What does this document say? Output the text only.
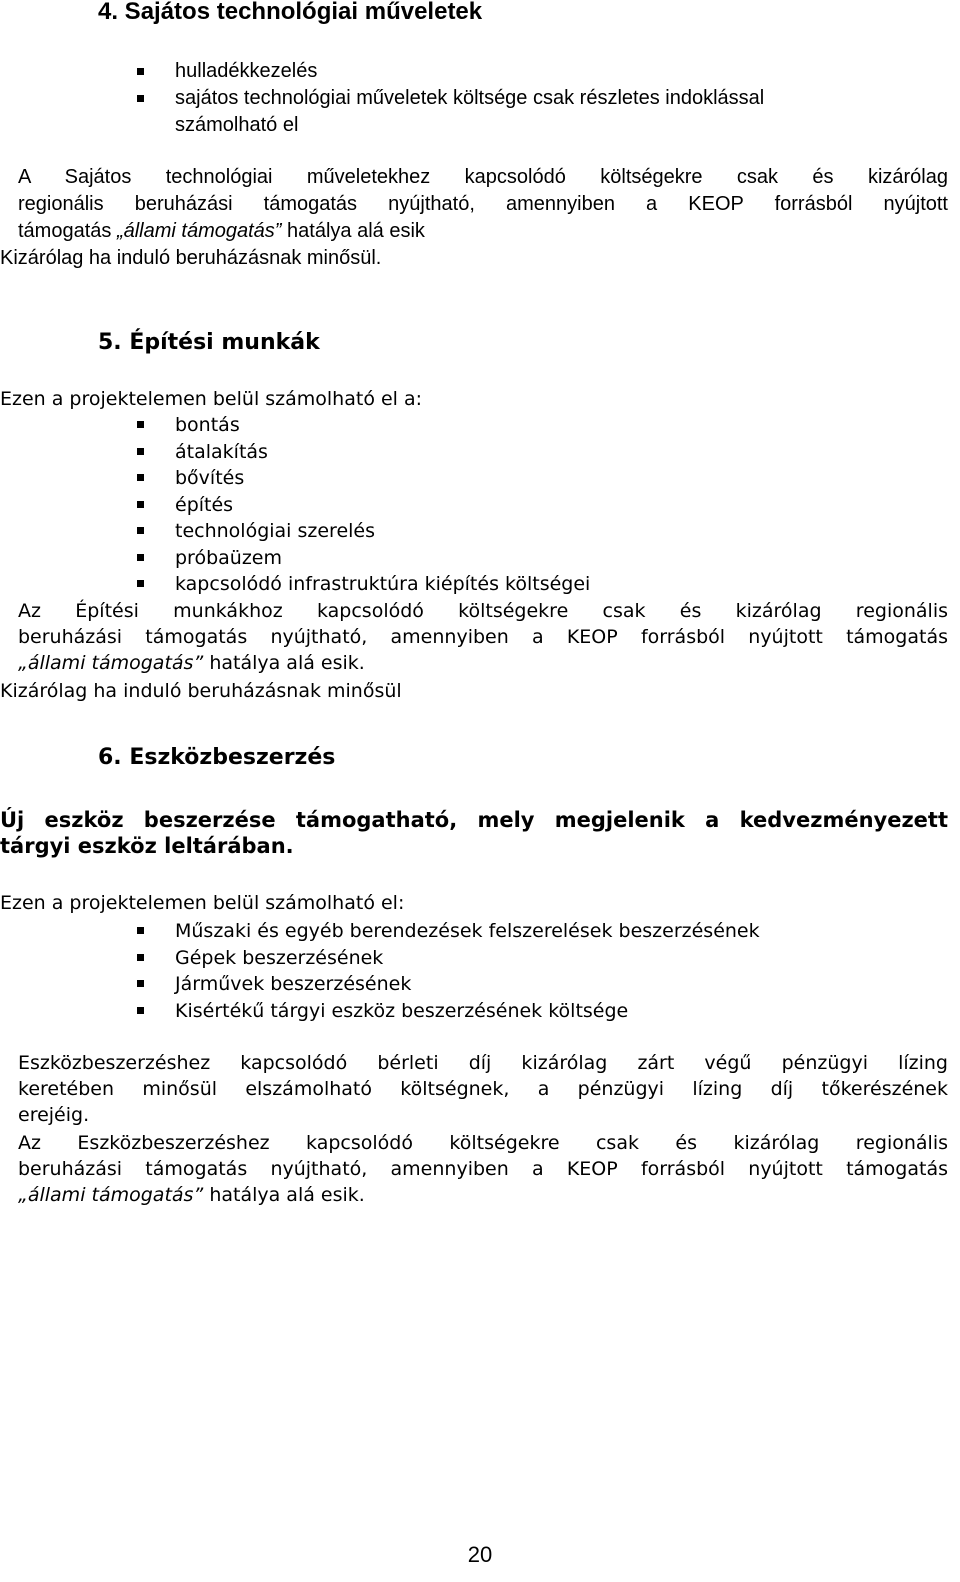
4. Sajátos technológiai műveletek
hulladékkezelés
sajátos technológiai műveletek költsége csak részletes indoklással
számolható el
A Sajátos technológiai műveletekhez kapcsolódó költségekre csak és kizárólag
regionális beruházási támogatás nyújtható, amennyiben a KEOP forrásból nyújtott
támogatás „állami támogatás” hatálya alá esik
Kizárólag ha induló beruházásnak minősül.
5. Építési munkák
Ezen a projektelemen belül számolható el a:
bontás
átalakítás
bővítés
építés
technológiai szerelés
próbaüzem
kapcsolódó infrastruktúra kiépítés költségei
Az Építési munkákhoz kapcsolódó költségekre csak és kizárólag regionális
beruházási támogatás nyújtható, amennyiben a KEOP forrásból nyújtott támogatás
„állami támogatás” hatálya alá esik.
Kizárólag ha induló beruházásnak minősül
6. Eszközbeszerzés
Új eszköz beszerzése támogatható, mely megjelenik a kedvezményezett
tárgyi eszköz leltárában.
Ezen a projektelemen belül számolható el:
Műszaki és egyéb berendezések felszerelések beszerzésének
Gépek beszerzésének
Járművek beszerzésének
Kisértékű tárgyi eszköz beszerzésének költsége
Eszközbeszerzéshez kapcsolódó bérleti díj kizárólag zárt végű pénzügyi lízing
keretében minősül elszámolható költségnek, a pénzügyi lízing díj tőkerészének
erejéig.
Az Eszközbeszerzéshez kapcsolódó költségekre csak és kizárólag regionális
beruházási támogatás nyújtható, amennyiben a KEOP forrásból nyújtott támogatás
„állami támogatás” hatálya alá esik.
20
